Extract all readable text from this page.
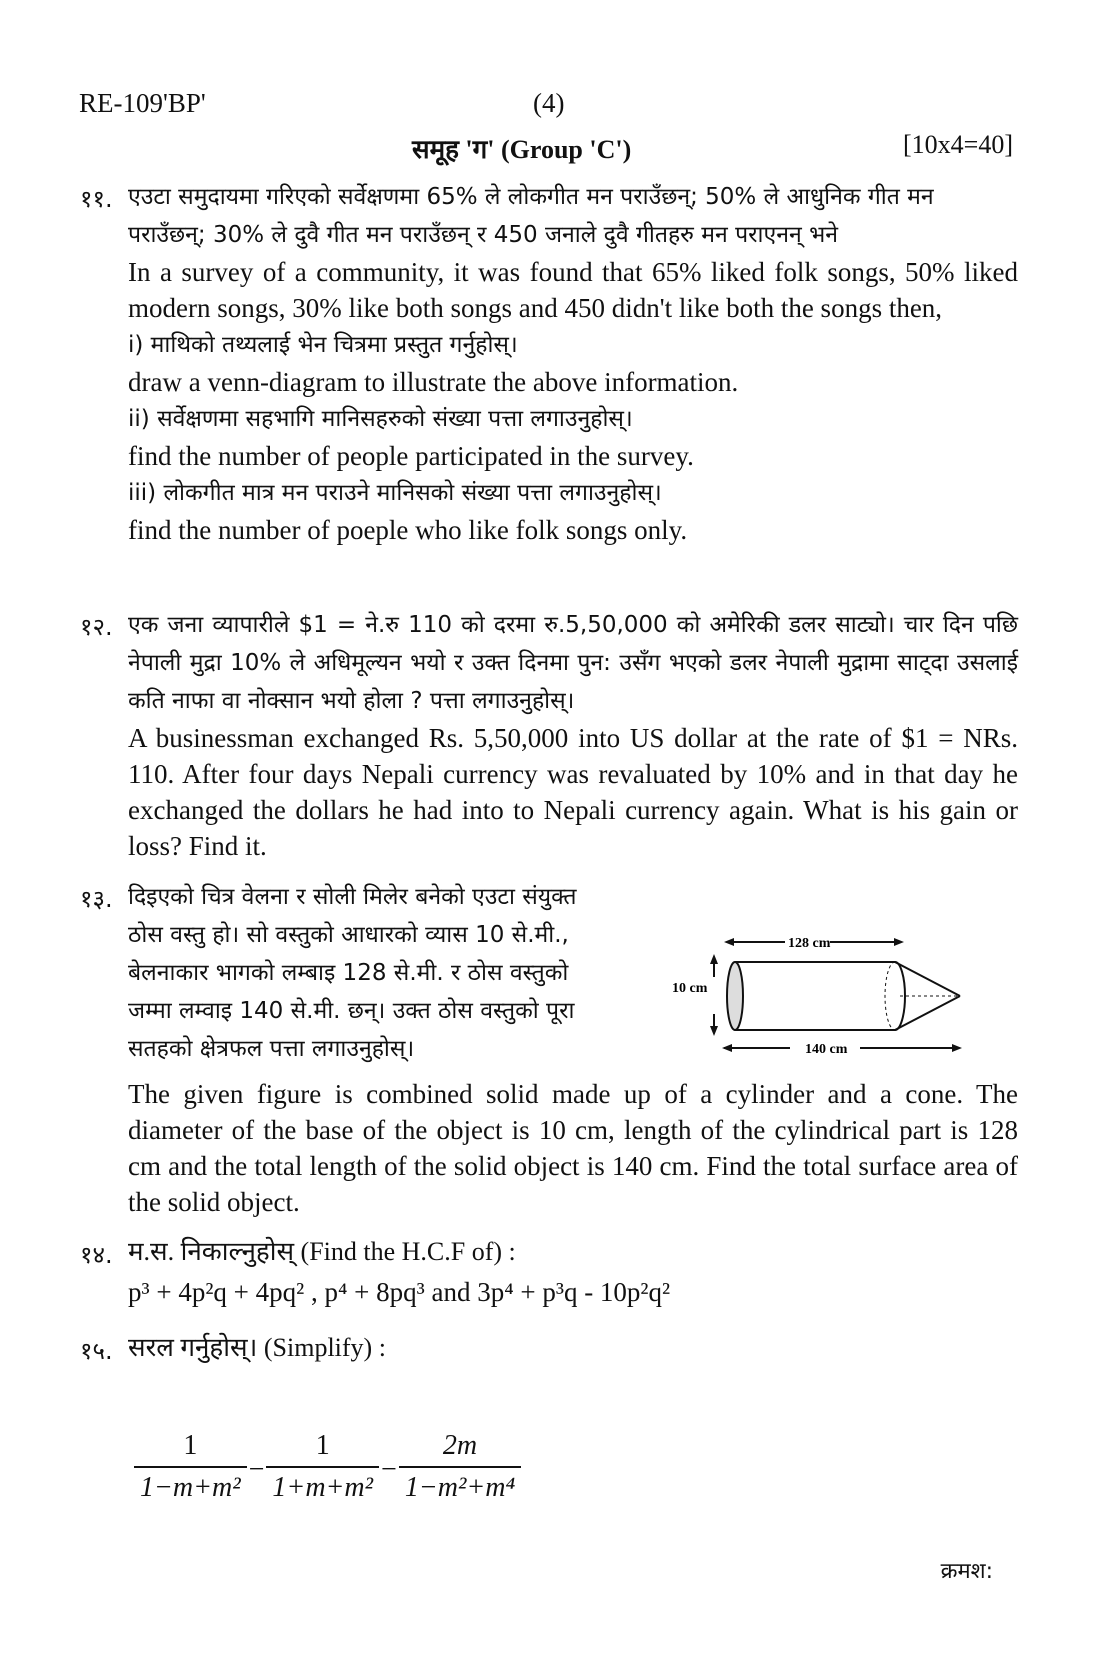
RE-109'BP'	(4)
समूह 'ग' (Group 'C')	[10x4=40]
११. एउटा समुदायमा गरिएको सर्वेक्षणमा 65% ले लोकगीत मन पराउँछन्; 50% ले आधुनिक गीत मन

पराउँछन्; 30% ले दुवै गीत मन पराउँछन् र 450 जनाले दुवै गीतहरु मन पराएनन् भने

In a survey of a community, it was found that 65% liked folk songs, 50% liked modern songs, 30% like both songs and 450 didn't like both the songs then,

i) माथिको तथ्यलाई भेन चित्रमा प्रस्तुत गर्नुहोस्।

draw a venn-diagram to illustrate the above information.

ii) सर्वेक्षणमा सहभागि मानिसहरुको संख्या पत्ता लगाउनुहोस्।

find the number of people participated in the survey.

iii) लोकगीत मात्र मन पराउने मानिसको संख्या पत्ता लगाउनुहोस्।

find the number of poeple who like folk songs only.

१२. एक जना व्यापारीले $1 = ने.रु 110 को दरमा रु.5,50,000 को अमेरिकी डलर साट्यो। चार दिन पछि नेपाली मुद्रा 10% ले अधिमूल्यन भयो र उक्त दिनमा पुन: उसँग भएको डलर नेपाली मुद्रामा साट्दा उसलाई कति नाफा वा नोक्सान भयो होला ? पत्ता लगाउनुहोस्।

A businessman exchanged Rs. 5,50,000 into US dollar at the rate of $1 = NRs. 110. After four days Nepali currency was revaluated by 10% and in that day he exchanged the dollars he had into to Nepali currency again. What is his gain or loss? Find it.

१३. दिइएको चित्र वेलना र सोली मिलेर बनेको एउटा संयुक्त

ठोस वस्तु हो। सो वस्तुको आधारको व्यास 10 से.मी.,

बेलनाकार भागको लम्बाइ 128 से.मी. र ठोस वस्तुको

जम्मा लम्वाइ 140 से.मी. छन्। उक्त ठोस वस्तुको पूरा

सतहको क्षेत्रफल पत्ता लगाउनुहोस्।

The given figure is combined solid made up of a cylinder and a cone. The diameter of the base of the object is 10 cm, length of the cylindrical part is 128 cm and the total length of the solid object is 140 cm. Find the total surface area of the solid object.

128 cm
10 cm
140 cm
१४. म.स. निकाल्नुहोस् (Find the H.C.F of) :

p³ + 4p²q + 4pq² , p⁴ + 8pq³ and 3p⁴ + p³q - 10p²q²

१५. सरल गर्नुहोस्। (Simplify) :

$\frac{1}{\text{1−m+m²}} - \frac{1}{\text{1+m+m²}} - \frac{2m}{\text{1−m²+m⁴}}$
क्रमश:
